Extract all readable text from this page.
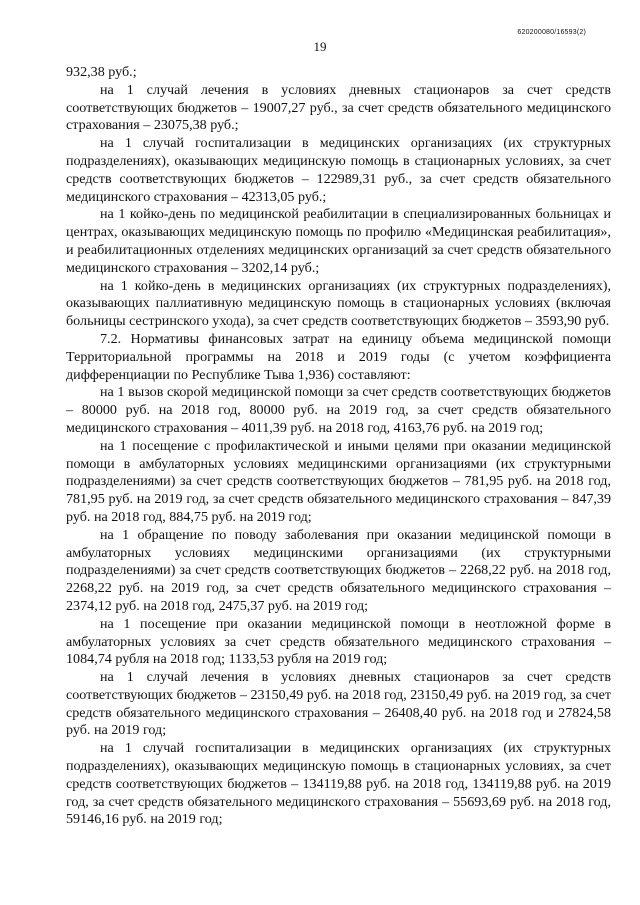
620200080/16593(2)
19

932,38 руб.;

на 1 случай лечения в условиях дневных стационаров за счет средств соответствующих бюджетов – 19007,27 руб., за счет средств обязательного медицинского страхования – 23075,38 руб.;

на 1 случай госпитализации в медицинских организациях (их структурных подразделениях), оказывающих медицинскую помощь в стационарных условиях, за счет средств соответствующих бюджетов – 122989,31 руб., за счет средств обязательного медицинского страхования – 42313,05 руб.;

на 1 койко-день по медицинской реабилитации в специализированных больницах и центрах, оказывающих медицинскую помощь по профилю «Медицинская реабилитация», и реабилитационных отделениях медицинских организаций за счет средств обязательного медицинского страхования – 3202,14 руб.;

на 1 койко-день в медицинских организациях (их структурных подразделениях), оказывающих паллиативную медицинскую помощь в стационарных условиях (включая больницы сестринского ухода), за счет средств соответствующих бюджетов – 3593,90 руб.

7.2. Нормативы финансовых затрат на единицу объема медицинской помощи Территориальной программы на 2018 и 2019 годы (с учетом коэффициента дифференциации по Республике Тыва 1,936) составляют:

на 1 вызов скорой медицинской помощи за счет средств соответствующих бюджетов – 80000 руб. на 2018 год, 80000 руб. на 2019 год, за счет средств обязательного медицинского страхования – 4011,39 руб. на 2018 год, 4163,76 руб. на 2019 год;

на 1 посещение с профилактической и иными целями при оказании медицинской помощи в амбулаторных условиях медицинскими организациями (их структурными подразделениями) за счет средств соответствующих бюджетов – 781,95 руб. на 2018 год, 781,95 руб. на 2019 год, за счет средств обязательного медицинского страхования – 847,39 руб. на 2018 год, 884,75 руб. на 2019 год;

на 1 обращение по поводу заболевания при оказании медицинской помощи в амбулаторных условиях медицинскими организациями (их структурными подразделениями) за счет средств соответствующих бюджетов – 2268,22 руб. на 2018 год, 2268,22 руб. на 2019 год, за счет средств обязательного медицинского страхования – 2374,12 руб. на 2018 год, 2475,37 руб. на 2019 год;

на 1 посещение при оказании медицинской помощи в неотложной форме в амбулаторных условиях за счет средств обязательного медицинского страхования – 1084,74 рубля на 2018 год; 1133,53 рубля на 2019 год;

на 1 случай лечения в условиях дневных стационаров за счет средств соответствующих бюджетов – 23150,49 руб. на 2018 год, 23150,49 руб. на 2019 год, за счет средств обязательного медицинского страхования – 26408,40 руб. на 2018 год и 27824,58 руб. на 2019 год;

на 1 случай госпитализации в медицинских организациях (их структурных подразделениях), оказывающих медицинскую помощь в стационарных условиях, за счет средств соответствующих бюджетов – 134119,88 руб. на 2018 год, 134119,88 руб. на 2019 год, за счет средств обязательного медицинского страхования – 55693,69 руб. на 2018 год, 59146,16 руб. на 2019 год;
